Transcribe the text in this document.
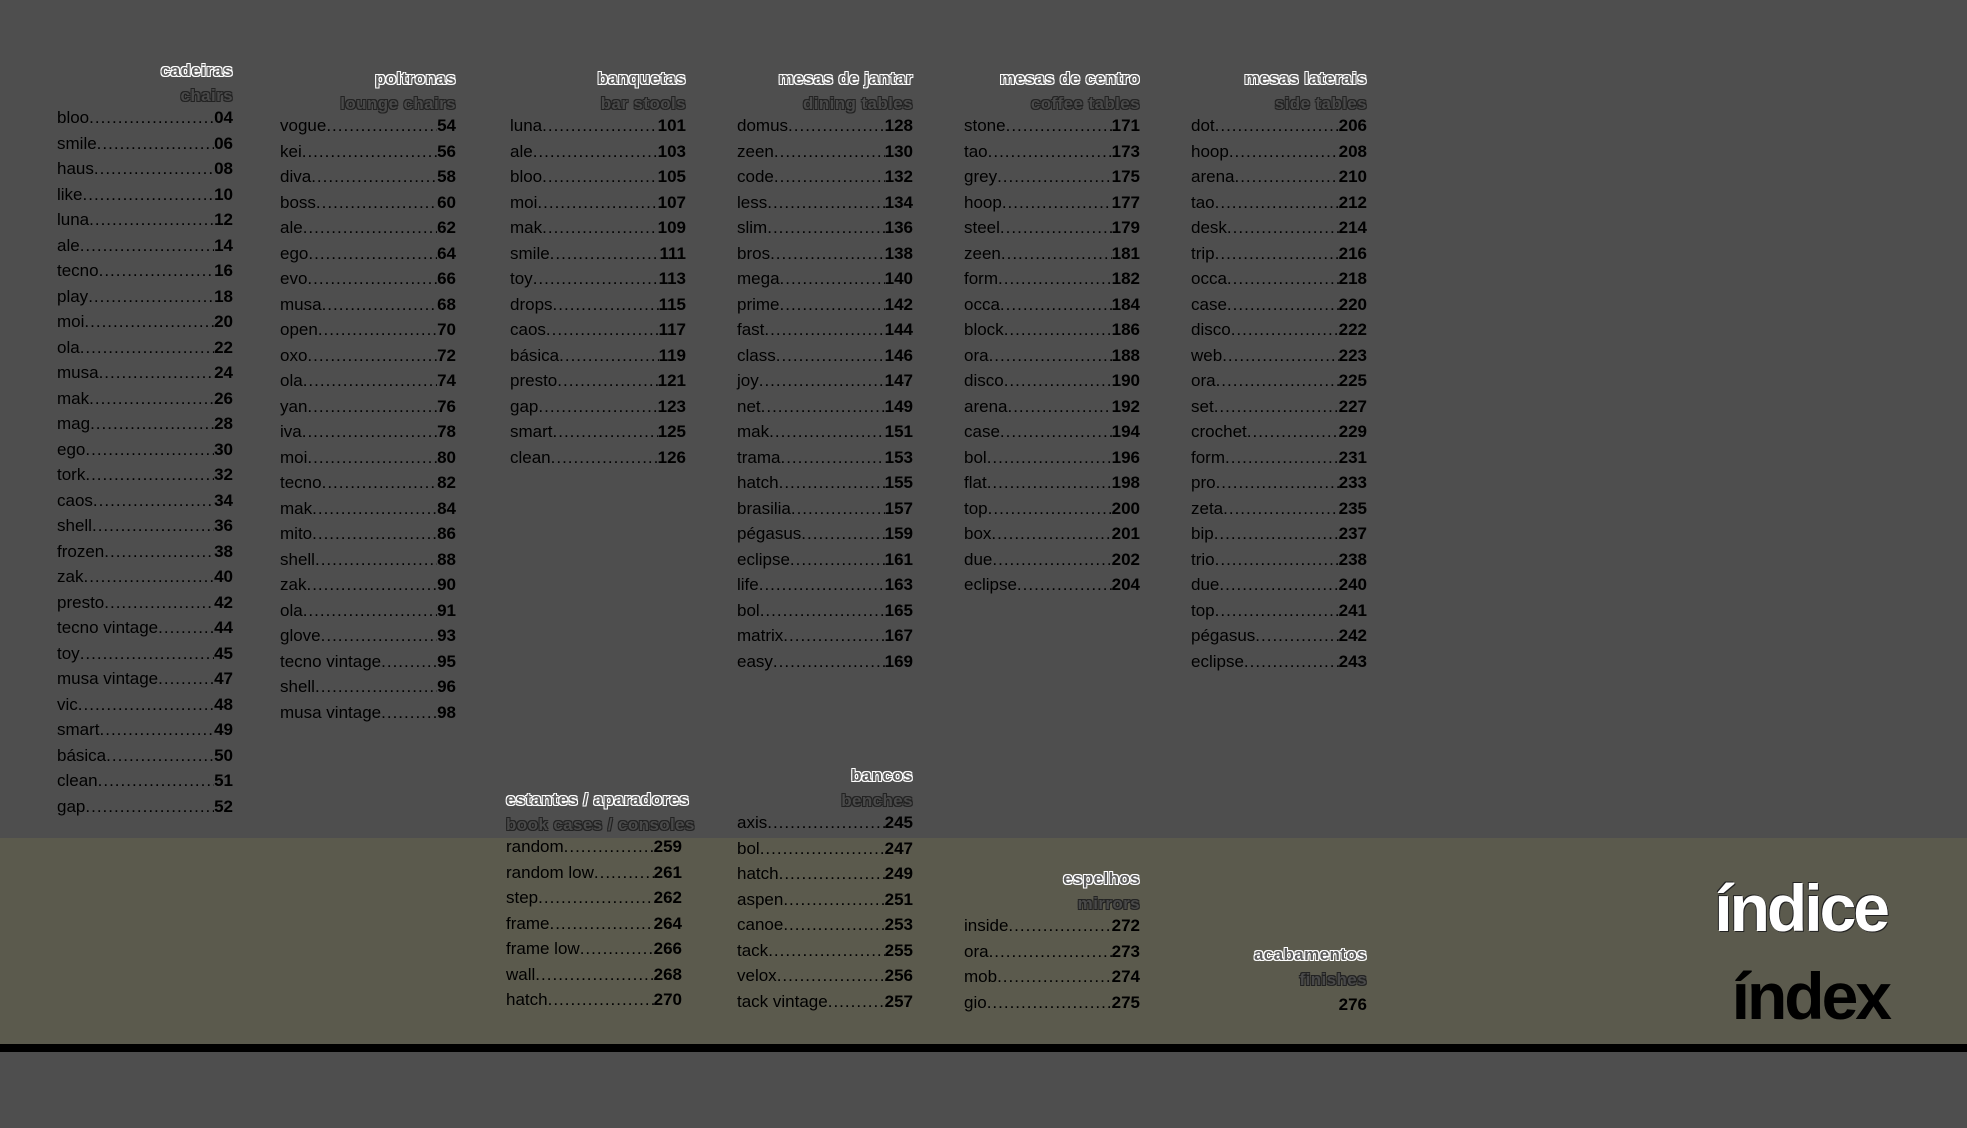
cadeiras
chairs
bloo .....	04
smile .....	06
haus .....	08
like .....	10
luna .....	12
ale .....	14
tecno .....	16
play .....	18
moi .....	20
ola .....	22
musa .....	24
mak .....	26
mag .....	28
ego .....	30
tork .....	32
caos .....	34
shell .....	36
frozen .....	38
zak .....	40
presto .....	42
tecno vintage .....	44
toy .....	45
musa vintage .....	47
vic .....	48
smart .....	49
básica .....	50
clean .....	51
gap .....	52
poltronas
lounge chairs
vogue .....	54
kei .....	56
diva .....	58
boss .....	60
ale .....	62
ego .....	64
evo .....	66
musa .....	68
open .....	70
oxo .....	72
ola .....	74
yan .....	76
iva .....	78
moi .....	80
tecno .....	82
mak .....	84
mito .....	86
shell .....	88
zak .....	90
ola .....	91
glove .....	93
tecno vintage .....	95
shell .....	96
musa vintage .....	98
banquetas
bar stools
luna .....	101
ale .....	103
bloo .....	105
moi .....	107
mak .....	109
smile .....	111
toy .....	113
drops .....	115
caos .....	117
básica .....	119
presto .....	121
gap .....	123
smart .....	125
clean .....	126
mesas de jantar
dining tables
domus .....	128
zeen .....	130
code .....	132
less .....	134
slim .....	136
bros .....	138
mega .....	140
prime .....	142
fast .....	144
class .....	146
joy .....	147
net .....	149
mak .....	151
trama .....	153
hatch .....	155
brasilia .....	157
pégasus .....	159
eclipse .....	161
life .....	163
bol .....	165
matrix .....	167
easy .....	169
mesas de centro
coffee tables
stone .....	171
tao .....	173
grey .....	175
hoop .....	177
steel .....	179
zeen .....	181
form .....	182
occa .....	184
block .....	186
ora .....	188
disco .....	190
arena .....	192
case .....	194
bol .....	196
flat .....	198
top .....	200
box .....	201
due .....	202
eclipse .....	204
mesas laterais
side tables
dot .....	206
hoop .....	208
arena .....	210
tao .....	212
desk .....	214
trip .....	216
occa .....	218
case .....	220
disco .....	222
web .....	223
ora .....	225
set .....	227
crochet .....	229
form .....	231
pro .....	233
zeta .....	235
bip .....	237
trio .....	238
due .....	240
top .....	241
pégasus .....	242
eclipse .....	243
estantes / aparadores
book cases / consoles
random .....	259
random low .....	261
step .....	262
frame .....	264
frame low .....	266
wall .....	268
hatch .....	270
bancos
benches
axis .....	245
bol .....	247
hatch .....	249
aspen .....	251
canoe .....	253
tack .....	255
velox .....	256
tack vintage .....	257
espelhos
mirrors
inside .....	272
ora .....	273
mob .....	274
gio .....	275
acabamentos
finishes
276
índice
índex
